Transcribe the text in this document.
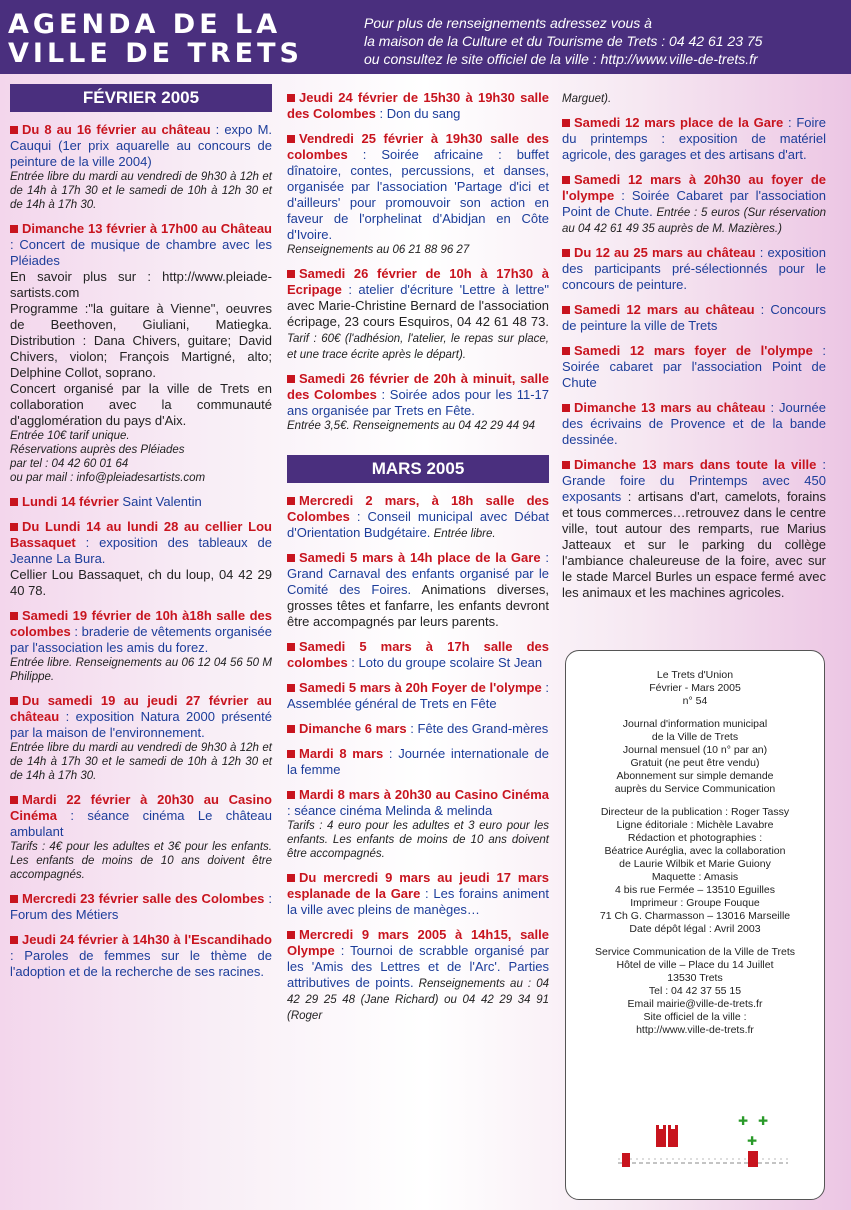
AGENDA DE LA
VILLE DE TRETS
Pour plus de renseignements adressez vous à
la maison de la Culture et du Tourisme de Trets : 04 42 61 23 75
ou consultez le site officiel de la ville : http://www.ville-de-trets.fr
FÉVRIER 2005
Du 8 au 16 février au château : expo M. Cauqui (1er prix aquarelle au concours de peinture de la ville 2004)

Entrée libre du mardi au vendredi de 9h30 à 12h et de 14h à 17h 30 et le samedi de 10h à 12h 30 et de 14h à 17h 30.

Dimanche 13 février à 17h00 au Château : Concert de musique de chambre avec les Pléiades

En savoir plus sur : http://www.pleiade-sartists.com

Programme :"la guitare à Vienne", oeuvres de Beethoven, Giuliani, Matiegka. Distribution : Dana Chivers, guitare; David Chivers, violon; François Martigné, alto; Delphine Collot, soprano.

Concert organisé par la ville de Trets en collaboration avec la communauté d'agglomération du pays d'Aix.

Entrée 10€ tarif unique.

Réservations auprès des Pléiades

par tel : 04 42 60 01 64

ou par mail : info@pleiadesartists.com

Lundi 14 février Saint Valentin
Du Lundi 14 au lundi 28 au cellier Lou Bassaquet : exposition des tableaux de Jeanne La Bura.

Cellier Lou Bassaquet, ch du loup, 04 42 29 40 78.

Samedi 19 février de 10h à18h salle des colombes : braderie de vêtements organisée par l'association les amis du forez.

Entrée libre. Renseignements au 06 12 04 56 50 M Philippe.

Du samedi 19 au jeudi 27 février au château : exposition Natura 2000 présenté par la maison de l'environnement.

Entrée libre du mardi au vendredi de 9h30 à 12h et de 14h à 17h 30 et le samedi de 10h à 12h 30 et de 14h à 17h 30.

Mardi 22 février à 20h30 au Casino Cinéma : séance cinéma Le château ambulant

Tarifs : 4€ pour les adultes et 3€ pour les enfants. Les enfants de moins de 10 ans doivent être accompagnés.

Mercredi 23 février salle des Colombes : Forum des Métiers
Jeudi 24 février à 14h30 à l'Escandihado : Paroles de femmes sur le thème de l'adoption et de la recherche de ses racines.
Jeudi 24 février de 15h30 à 19h30 salle des Colombes : Don du sang
Vendredi 25 février à 19h30 salle des colombes : Soirée africaine : buffet dînatoire, contes, percussions, et danses, organisée par l'association 'Partage d'ici et d'ailleurs' pour promouvoir son action en faveur de l'orphelinat d'Abidjan en Côte d'Ivoire.

Renseignements au 06 21 88 96 27

Samedi 26 février de 10h à 17h30 à Ecripage : atelier d'écriture 'Lettre à lettre" avec Marie-Christine Bernard de l'association écripage, 23 cours Esquiros, 04 42 61 48 73. Tarif : 60€ (l'adhésion, l'atelier, le repas sur place, et une trace écrite après le départ).
Samedi 26 février de 20h à minuit, salle des Colombes : Soirée ados pour les 11-17 ans organisée par Trets en Fête.

Entrée 3,5€. Renseignements au 04 42 29 44 94

MARS 2005
Mercredi 2 mars, à 18h salle des Colombes : Conseil municipal avec Débat d'Orientation Budgétaire. Entrée libre.
Samedi 5 mars à 14h place de la Gare : Grand Carnaval des enfants organisé par le Comité des Foires. Animations diverses, grosses têtes et fanfarre, les enfants devront être accompagnés par leurs parents.
Samedi 5 mars à 17h salle des colombes : Loto du groupe scolaire St Jean
Samedi 5 mars à 20h Foyer de l'olympe : Assemblée général de Trets en Fête
Dimanche 6 mars : Fête des Grand-mères
Mardi 8 mars : Journée internationale de la femme
Mardi 8 mars à 20h30 au Casino Cinéma : séance cinéma Melinda & melinda

Tarifs : 4 euro pour les adultes et 3 euro pour les enfants. Les enfants de moins de 10 ans doivent être accompagnés.

Du mercredi 9 mars au jeudi 17 mars esplanade de la Gare : Les forains animent la ville avec pleins de manèges…
Mercredi 9 mars 2005 à 14h15, salle Olympe : Tournoi de scrabble organisé par les 'Amis des Lettres et de l'Arc'. Parties attributives de points. Renseignements au : 04 42 29 25 48 (Jane Richard) ou 04 42 29 34 91 (Roger
Marguet).
Samedi 12 mars place de la Gare : Foire du printemps : exposition de matériel agricole, des garages et des artisans d'art.
Samedi 12 mars à 20h30 au foyer de l'olympe : Soirée Cabaret par l'association Point de Chute. Entrée : 5 euros (Sur réservation au 04 42 61 49 35 auprès de M. Mazières.)
Du 12 au 25 mars au château : exposition des participants pré-sélectionnés pour le concours de peinture.
Samedi 12 mars au château : Concours de peinture la ville de Trets
Samedi 12 mars foyer de l'olympe : Soirée cabaret par l'association Point de Chute
Dimanche 13 mars au château : Journée des écrivains de Provence et de la bande dessinée.
Dimanche 13 mars dans toute la ville : Grande foire du Printemps avec 450 exposants : artisans d'art, camelots, forains et tous commerces…retrouvez dans le centre ville, tout autour des remparts, rue Marius Jatteaux et sur le parking du collège l'ambiance chaleureuse de la foire, avec sur le stade Marcel Burles un espace fermé avec les animaux et les machines agricoles.

Le Trets d'Union

Février - Mars 2005

n° 54

Journal d'information municipal

de la Ville de Trets

Journal mensuel (10 n° par an)

Gratuit (ne peut être vendu)

Abonnement sur simple demande

auprès du Service Communication

Directeur de la publication : Roger Tassy

Ligne éditoriale : Michèle Lavabre

Rédaction et photographies :

Béatrice Auréglia, avec la collaboration

de Laurie Wilbik et Marie Guiony

Maquette : Amasis

4 bis rue Fermée – 13510 Eguilles

Imprimeur : Groupe Fouque

71 Ch G. Charmasson – 13016 Marseille

Date dépôt légal : Avril 2003

Service Communication de la Ville de Trets

Hôtel de ville – Place du 14 Juillet

13530 Trets

Tel : 04 42 37 55 15

Email mairie@ville-de-trets.fr

Site officiel de la ville :

http://www.ville-de-trets.fr

✚ ✚
✚
